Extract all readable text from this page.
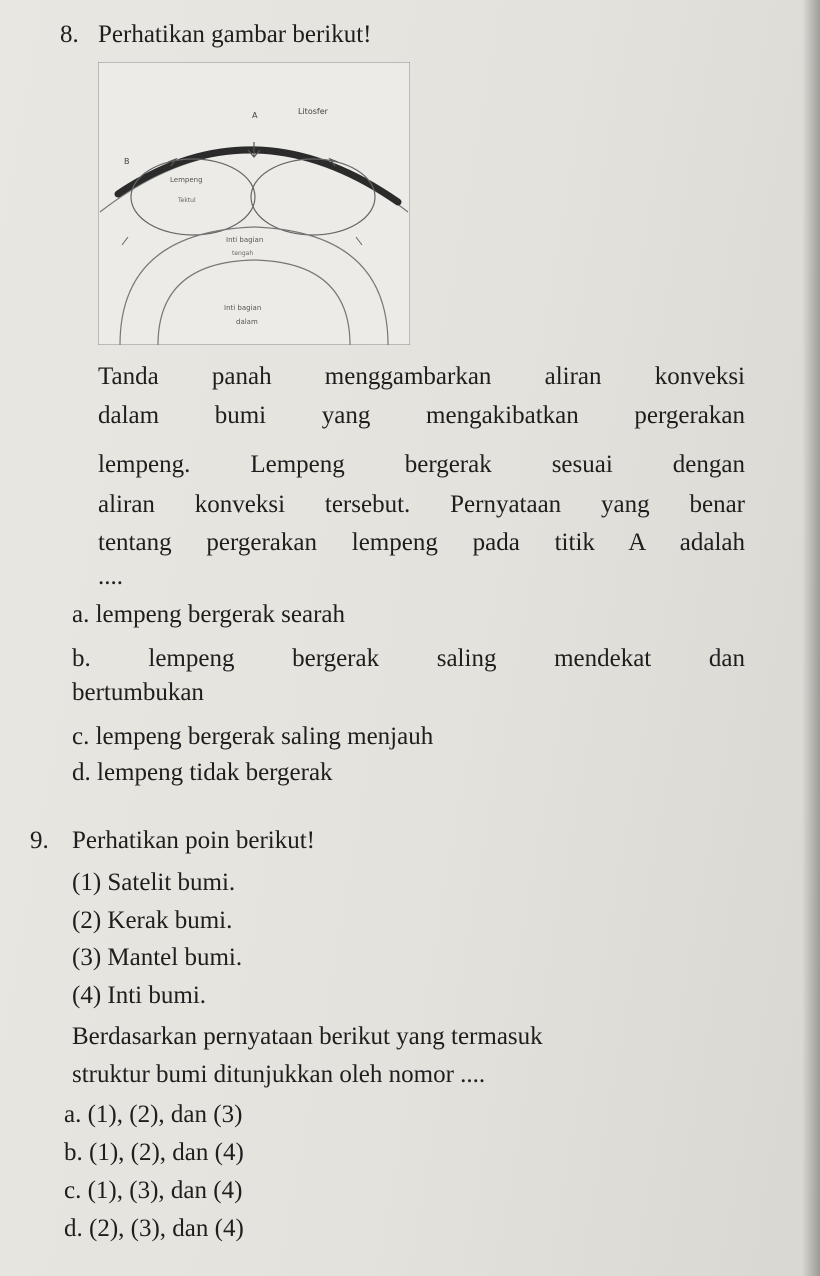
8. Perhatikan gambar berikut!
Litosfer
A
B
Lempeng
Tektul
Inti bagian
tengah
Inti bagian
dalam
Tanda panah menggambarkan aliran konveksi
dalam bumi yang mengakibatkan pergerakan
lempeng. Lempeng bergerak sesuai dengan
aliran konveksi tersebut. Pernyataan yang benar
tentang pergerakan lempeng pada titik A adalah
....
a. lempeng bergerak searah
b. lempeng bergerak saling mendekat dan
bertumbukan
c. lempeng bergerak saling menjauh
d. lempeng tidak bergerak
9. Perhatikan poin berikut!
(1) Satelit bumi.
(2) Kerak bumi.
(3) Mantel bumi.
(4) Inti bumi.
Berdasarkan pernyataan berikut yang termasuk
struktur bumi ditunjukkan oleh nomor ....
a. (1), (2), dan (3)
b. (1), (2), dan (4)
c. (1), (3), dan (4)
d. (2), (3), dan (4)
